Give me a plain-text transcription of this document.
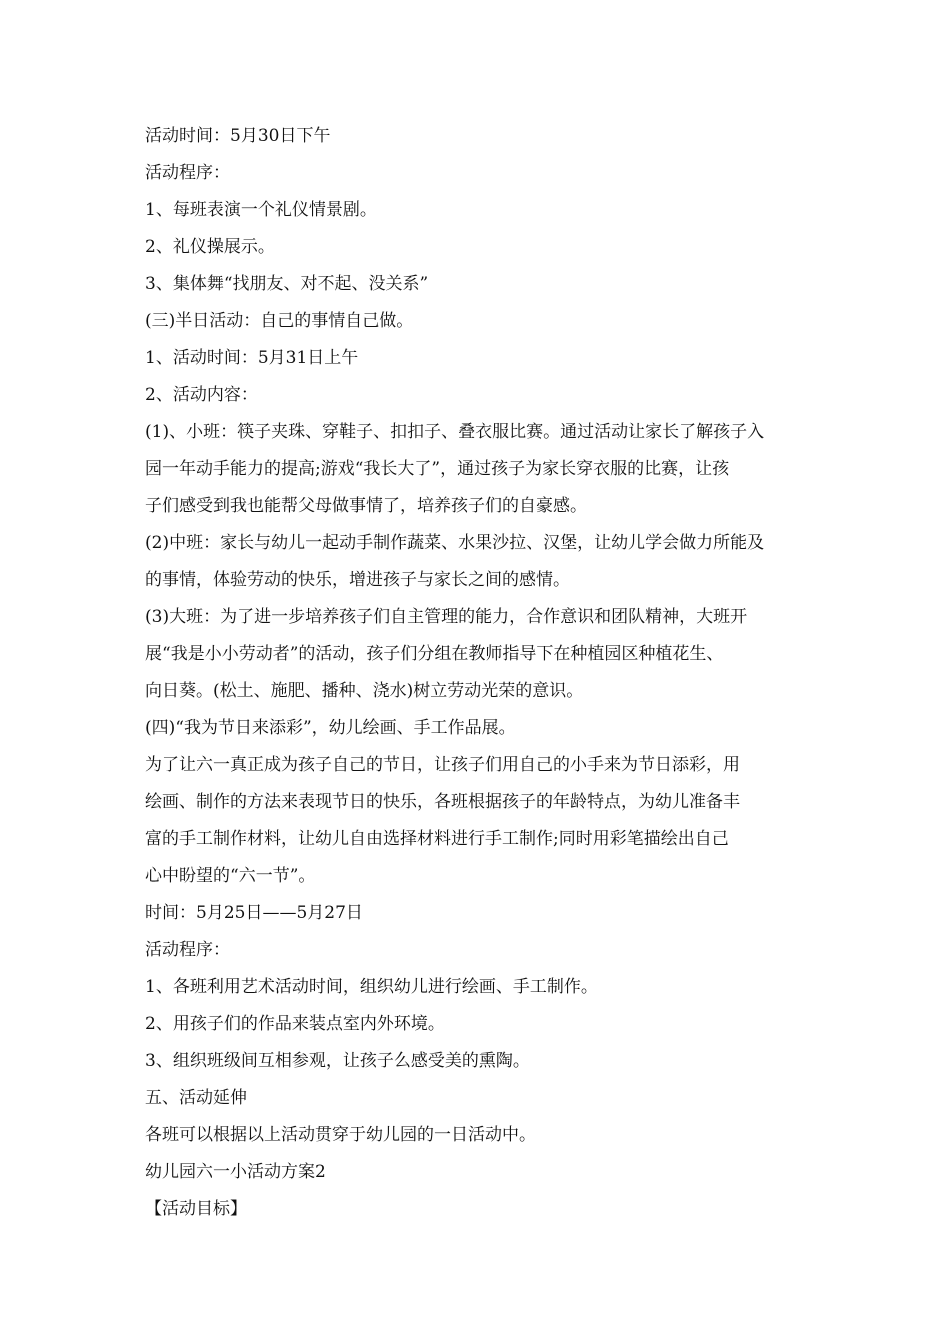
活动时间：5月30日下午
活动程序：
1、每班表演一个礼仪情景剧。
2、礼仪操展示。
3、集体舞“找朋友、对不起、没关系”
(三)半日活动：自己的事情自己做。
1、活动时间：5月31日上午
2、活动内容：
(1)、小班：筷子夹珠、穿鞋子、扣扣子、叠衣服比赛。通过活动让家长了解孩子入
园一年动手能力的提高;游戏“我长大了”，通过孩子为家长穿衣服的比赛，让孩
子们感受到我也能帮父母做事情了，培养孩子们的自豪感。
(2)中班：家长与幼儿一起动手制作蔬菜、水果沙拉、汉堡，让幼儿学会做力所能及
的事情，体验劳动的快乐，增进孩子与家长之间的感情。
(3)大班：为了进一步培养孩子们自主管理的能力，合作意识和团队精神，大班开
展“我是小小劳动者”的活动，孩子们分组在教师指导下在种植园区种植花生、
向日葵。(松土、施肥、播种、浇水)树立劳动光荣的意识。
(四)“我为节日来添彩”，幼儿绘画、手工作品展。
为了让六一真正成为孩子自己的节日，让孩子们用自己的小手来为节日添彩，用
绘画、制作的方法来表现节日的快乐，各班根据孩子的年龄特点，为幼儿准备丰
富的手工制作材料，让幼儿自由选择材料进行手工制作;同时用彩笔描绘出自己
心中盼望的“六一节”。
时间：5月25日——5月27日
活动程序：
1、各班利用艺术活动时间，组织幼儿进行绘画、手工制作。
2、用孩子们的作品来装点室内外环境。
3、组织班级间互相参观，让孩子么感受美的熏陶。
五、活动延伸
各班可以根据以上活动贯穿于幼儿园的一日活动中。
幼儿园六一小活动方案2
【活动目标】
